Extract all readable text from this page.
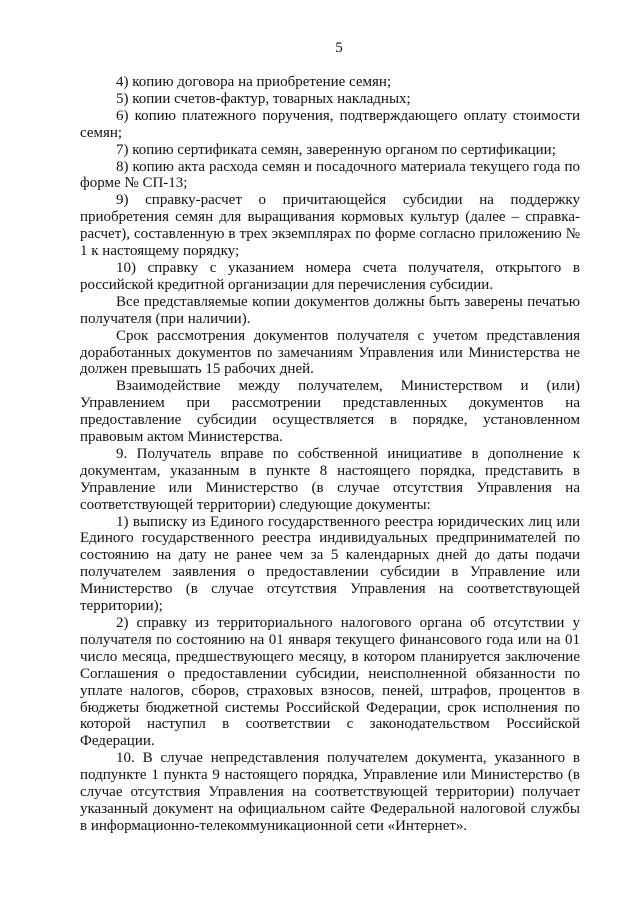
5

4) копию договора на приобретение семян;

5) копии счетов-фактур, товарных накладных;

6) копию платежного поручения, подтверждающего оплату стоимости семян;

7) копию сертификата семян, заверенную органом по сертификации;

8) копию акта расхода семян и посадочного материала текущего года по форме № СП-13;

9) справку-расчет о причитающейся субсидии на поддержку приобретения семян для выращивания кормовых культур (далее – справка-расчет), составленную в трех экземплярах по форме согласно приложению № 1 к настоящему порядку;

10) справку с указанием номера счета получателя, открытого в российской кредитной организации для перечисления субсидии.

Все представляемые копии документов должны быть заверены печатью получателя (при наличии).

Срок рассмотрения документов получателя с учетом представления доработанных документов по замечаниям Управления или Министерства не должен превышать 15 рабочих дней.

Взаимодействие между получателем, Министерством и (или) Управлением при рассмотрении представленных документов на предоставление субсидии осуществляется в порядке, установленном правовым актом Министерства.

9. Получатель вправе по собственной инициативе в дополнение к документам, указанным в пункте 8 настоящего порядка, представить в Управление или Министерство (в случае отсутствия Управления на соответствующей территории) следующие документы:

1) выписку из Единого государственного реестра юридических лиц или Единого государственного реестра индивидуальных предпринимателей по состоянию на дату не ранее чем за 5 календарных дней до даты подачи получателем заявления о предоставлении субсидии в Управление или Министерство (в случае отсутствия Управления на соответствующей территории);

2) справку из территориального налогового органа об отсутствии у получателя по состоянию на 01 января текущего финансового года или на 01 число месяца, предшествующего месяцу, в котором планируется заключение Соглашения о предоставлении субсидии, неисполненной обязанности по уплате налогов, сборов, страховых взносов, пеней, штрафов, процентов в бюджеты бюджетной системы Российской Федерации, срок исполнения по которой наступил в соответствии с законодательством Российской Федерации.

10. В случае непредставления получателем документа, указанного в подпункте 1 пункта 9 настоящего порядка, Управление или Министерство (в случае отсутствия Управления на соответствующей территории) получает указанный документ на официальном сайте Федеральной налоговой службы в информационно-телекоммуникационной сети «Интернет».
